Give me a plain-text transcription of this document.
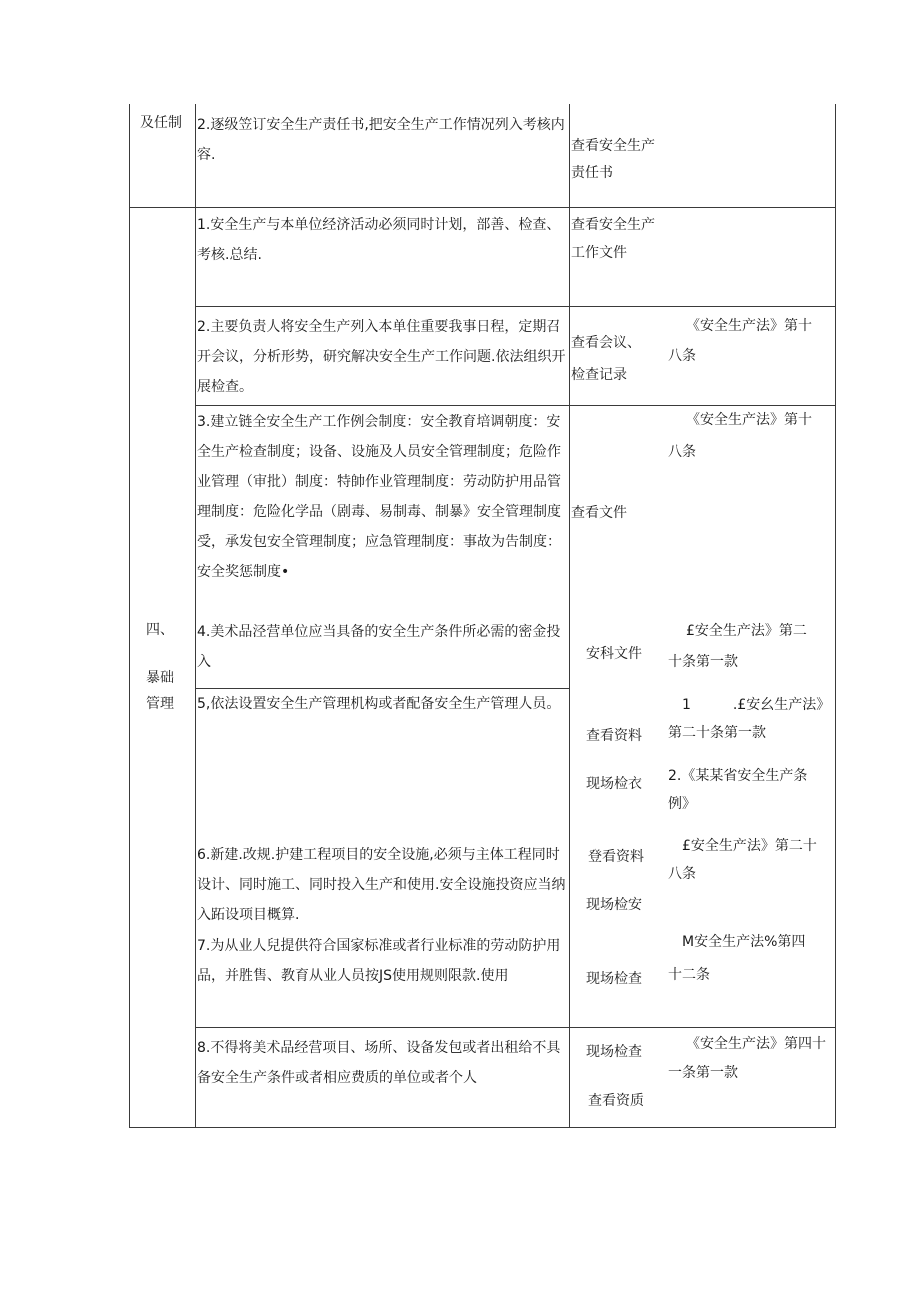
及任制 2.逐级笠订安全生产责任书,把安全生产工作情况列入考核内容.
查看安全生产
责任书
四、
暴础
管理
1.安全生产与本单位经济活动必须同时计划，部善、检查、考核.总结.
查看安全生产
工作文件
2.主要负责人将安全生产列入本单住重要我事日程，定期召开会议，分析形势，研究解决安全生产工作问题.依法组织开展检查。
查看会议、
检查记录
《安全生产法》第十
八条
3.建立链全安全生产工作例会制度：安全教育培调朝度：安全生产检查制度；设备、设施及人员安全管理制度；危险作业管理（审批）制度：特帥作业管理制度：劳动防护用品管理制度：危险化学品（剧毒、易制毒、制暴》安全管理制度受，承发包安全管理制度；应急管理制度：事故为告制度：安全奖惩制度•
查看文件
《安全生产法》第十
八条
4.美术品泾营单位应当具备的安全生产条件所必需的密金投入	安科文件
£安全生产法》第二
十条第一款
5,依法设置安全生产管理机构或者配备安全生产管理人员。
查看资料
现场检衣
1　　　.£安幺生产法》
第二十条第一款
2.《某某省安全生产条
例》
6.新建.改规.护建工程项目的安全设施,必须与主体工程同时设计、同时施工、同时投入生产和使用.安全设施投资应当纳入跖设项目概算.
登看资料
现场检安
£安全生产法》第二十
八条
7.为从业人兒提供符合国家标准或者行业标准的劳动防护用品，并胜售、教育从业人员按JS使用规则限款.使用	现场检查
M安全生产法%第四
十二条
8.不得将美术品经营项目、场所、设备发包或者出租给不具备安全生产条件或者相应费质的单位或者个人
现场检查
查看资质
《安全生产法》第四十
一条第一款
